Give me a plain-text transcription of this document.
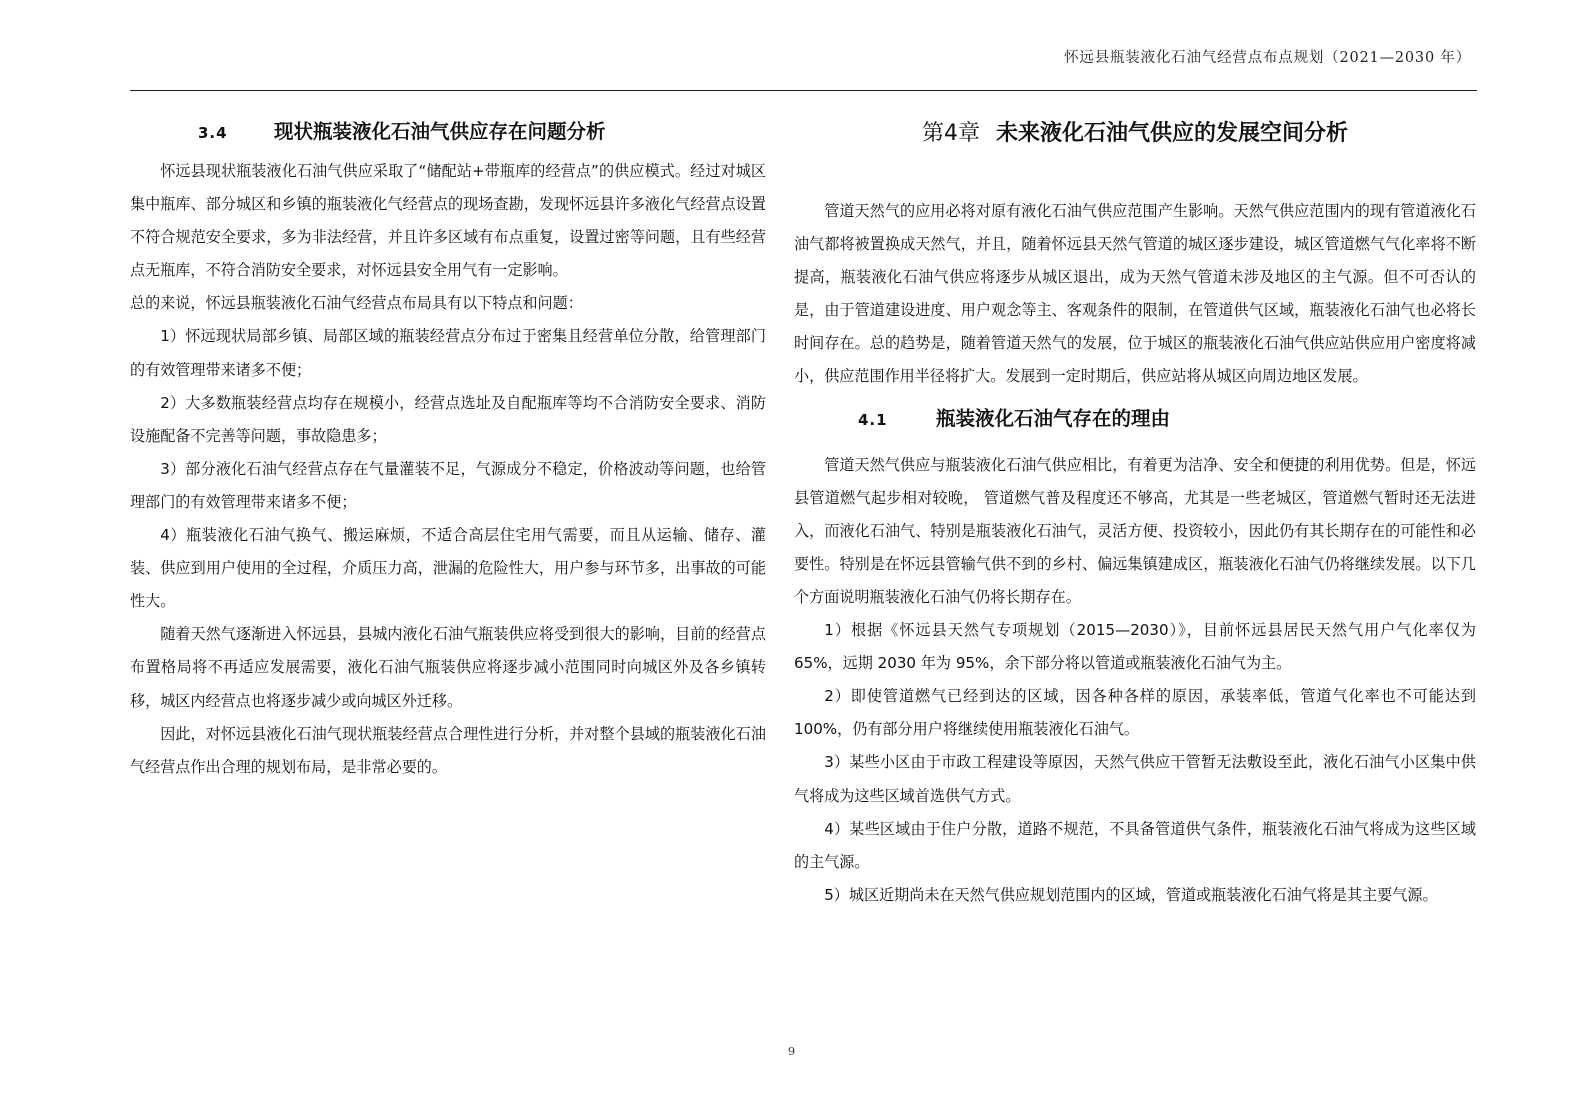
怀远县瓶装液化石油气经营点布点规划（2021—2030 年）
3.4 现状瓶装液化石油气供应存在问题分析

怀远县现状瓶装液化石油气供应采取了“储配站+带瓶库的经营点”的供应模式。经过对城区集中瓶库、部分城区和乡镇的瓶装液化气经营点的现场查勘，发现怀远县许多液化气经营点设置不符合规范安全要求，多为非法经营，并且许多区域有布点重复，设置过密等问题，且有些经营点无瓶库，不符合消防安全要求，对怀远县安全用气有一定影响。

总的来说，怀远县瓶装液化石油气经营点布局具有以下特点和问题：

1）怀远现状局部乡镇、局部区域的瓶装经营点分布过于密集且经营单位分散，给管理部门的有效管理带来诸多不便；

2）大多数瓶装经营点均存在规模小，经营点选址及自配瓶库等均不合消防安全要求、消防设施配备不完善等问题，事故隐患多；

3）部分液化石油气经营点存在气量灌装不足，气源成分不稳定，价格波动等问题，也给管理部门的有效管理带来诸多不便；

4）瓶装液化石油气换气、搬运麻烦，不适合高层住宅用气需要，而且从运输、储存、灌装、供应到用户使用的全过程，介质压力高，泄漏的危险性大，用户参与环节多，出事故的可能性大。

随着天然气逐渐进入怀远县，县城内液化石油气瓶装供应将受到很大的影响，目前的经营点布置格局将不再适应发展需要，液化石油气瓶装供应将逐步减小范围同时向城区外及各乡镇转移，城区内经营点也将逐步减少或向城区外迁移。

因此，对怀远县液化石油气现状瓶装经营点合理性进行分析，并对整个县域的瓶装液化石油气经营点作出合理的规划布局，是非常必要的。

第4章 未来液化石油气供应的发展空间分析

管道天然气的应用必将对原有液化石油气供应范围产生影响。天然气供应范围内的现有管道液化石油气都将被置换成天然气，并且，随着怀远县天然气管道的城区逐步建设，城区管道燃气气化率将不断提高，瓶装液化石油气供应将逐步从城区退出，成为天然气管道未涉及地区的主气源。但不可否认的是，由于管道建设进度、用户观念等主、客观条件的限制，在管道供气区域，瓶装液化石油气也必将长时间存在。总的趋势是，随着管道天然气的发展，位于城区的瓶装液化石油气供应站供应用户密度将减小，供应范围作用半径将扩大。发展到一定时期后，供应站将从城区向周边地区发展。

4.1 瓶装液化石油气存在的理由

管道天然气供应与瓶装液化石油气供应相比，有着更为洁净、安全和便捷的利用优势。但是，怀远县管道燃气起步相对较晚， 管道燃气普及程度还不够高，尤其是一些老城区，管道燃气暂时还无法进入，而液化石油气、特别是瓶装液化石油气，灵活方便、投资较小，因此仍有其长期存在的可能性和必要性。特别是在怀远县管输气供不到的乡村、偏远集镇建成区，瓶装液化石油气仍将继续发展。以下几个方面说明瓶装液化石油气仍将长期存在。

1）根据《怀远县天然气专项规划（2015—2030）》，目前怀远县居民天然气用户气化率仅为65%，远期 2030 年为 95%，余下部分将以管道或瓶装液化石油气为主。

2）即使管道燃气已经到达的区域，因各种各样的原因，承装率低，管道气化率也不可能达到100%，仍有部分用户将继续使用瓶装液化石油气。

3）某些小区由于市政工程建设等原因，天然气供应干管暂无法敷设至此，液化石油气小区集中供气将成为这些区域首选供气方式。

4）某些区域由于住户分散，道路不规范，不具备管道供气条件，瓶装液化石油气将成为这些区域的主气源。

5）城区近期尚未在天然气供应规划范围内的区域，管道或瓶装液化石油气将是其主要气源。

9
